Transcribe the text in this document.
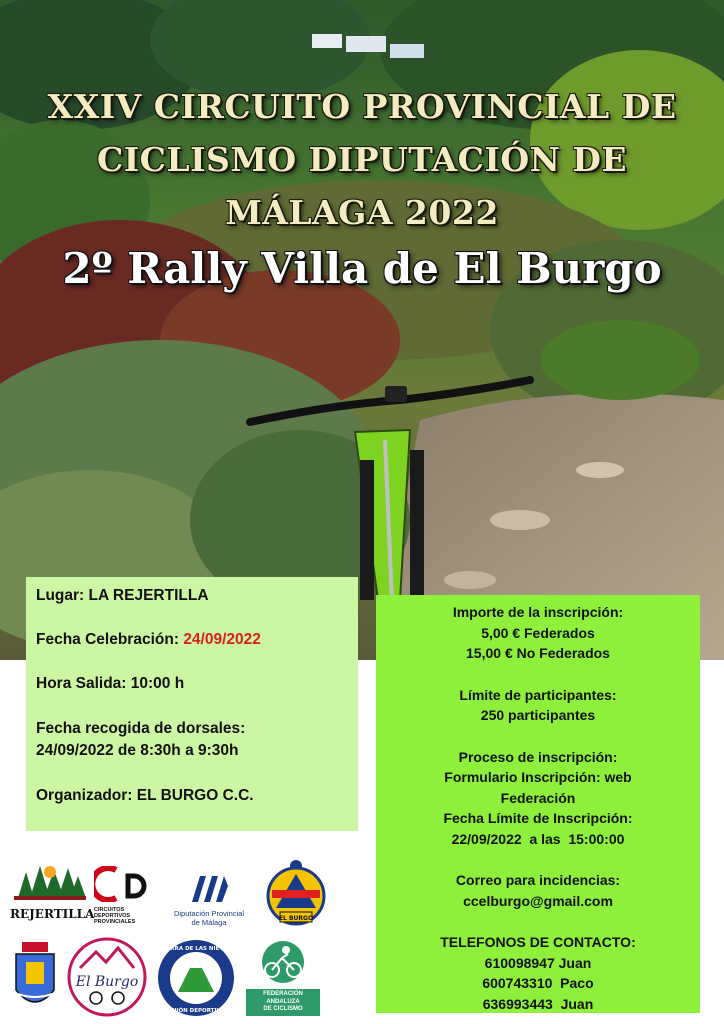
XXIV CIRCUITO PROVINCIAL DE
CICLISMO DIPUTACIÓN DE
MÁLAGA 2022
2º Rally Villa de El Burgo
Lugar: LA REJERTILLA
Fecha Celebración: 24/09/2022
Hora Salida: 10:00 h
Fecha recogida de dorsales:
24/09/2022 de 8:30h a 9:30h
Organizador: EL BURGO C.C.
Importe de la inscripción:
5,00 € Federados
15,00 € No Federados
Límite de participantes:
250 participantes
Proceso de inscripción:
Formulario Inscripción: web
Federación
Fecha Límite de Inscripción:
22/09/2022  a las  15:00:00
Correo para incidencias:
ccelburgo@gmail.com
TELEFONOS DE CONTACTO:
610098947 Juan
600743310  Paco
636993443  Juan
REJERTILLA CIRCUITOS
DEPORTIVOS
PROVINCIALES
Diputación Provincial
de Málaga	EL BURGO
El Burgo
SIERRA DE LAS NIEVES
UNIÓN DEPORTIVA
FEDERACIÓN
ANDALUZA
DE CICLISMO
